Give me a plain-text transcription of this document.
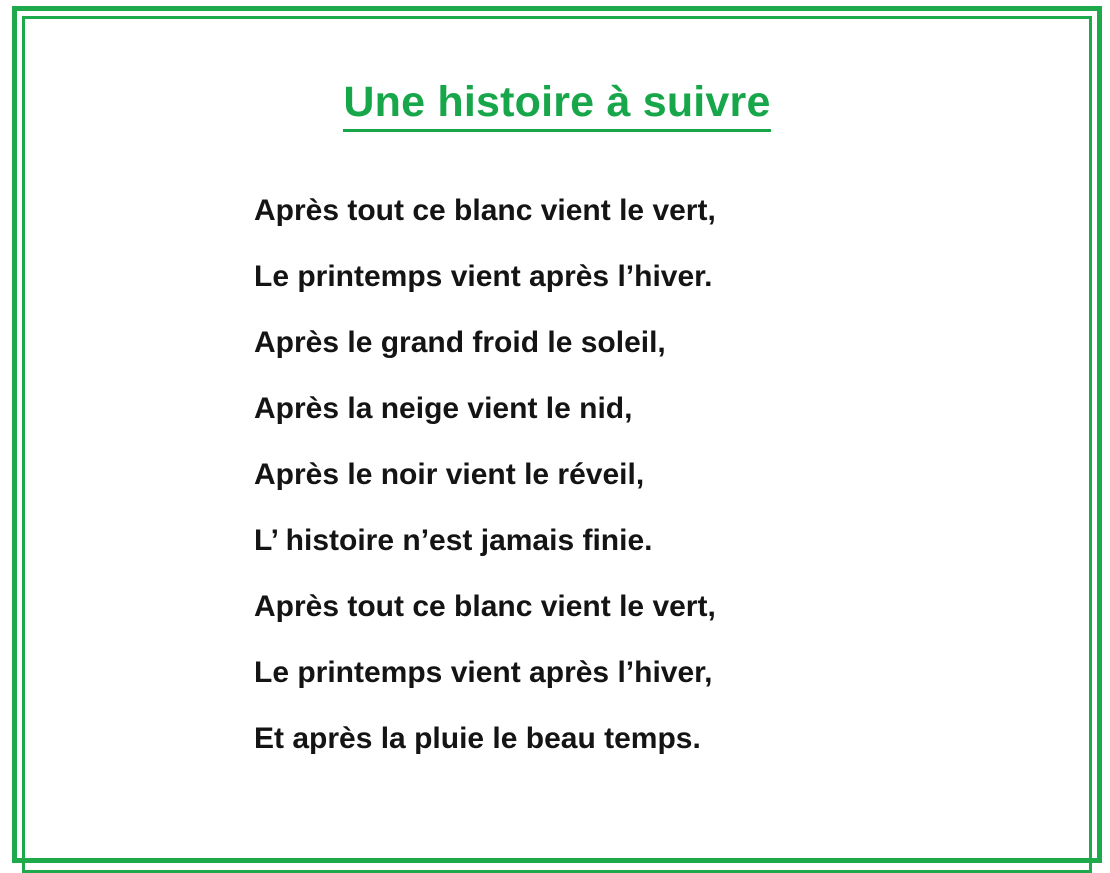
Une histoire à suivre
Après tout ce blanc vient le vert,
Le printemps vient après l’hiver.
Après le grand froid le soleil,
Après la neige vient le nid,
Après le noir vient le réveil,
L’ histoire n’est jamais finie.
Après tout ce blanc vient le vert,
Le printemps vient après l’hiver,
Et après la pluie le beau temps.
